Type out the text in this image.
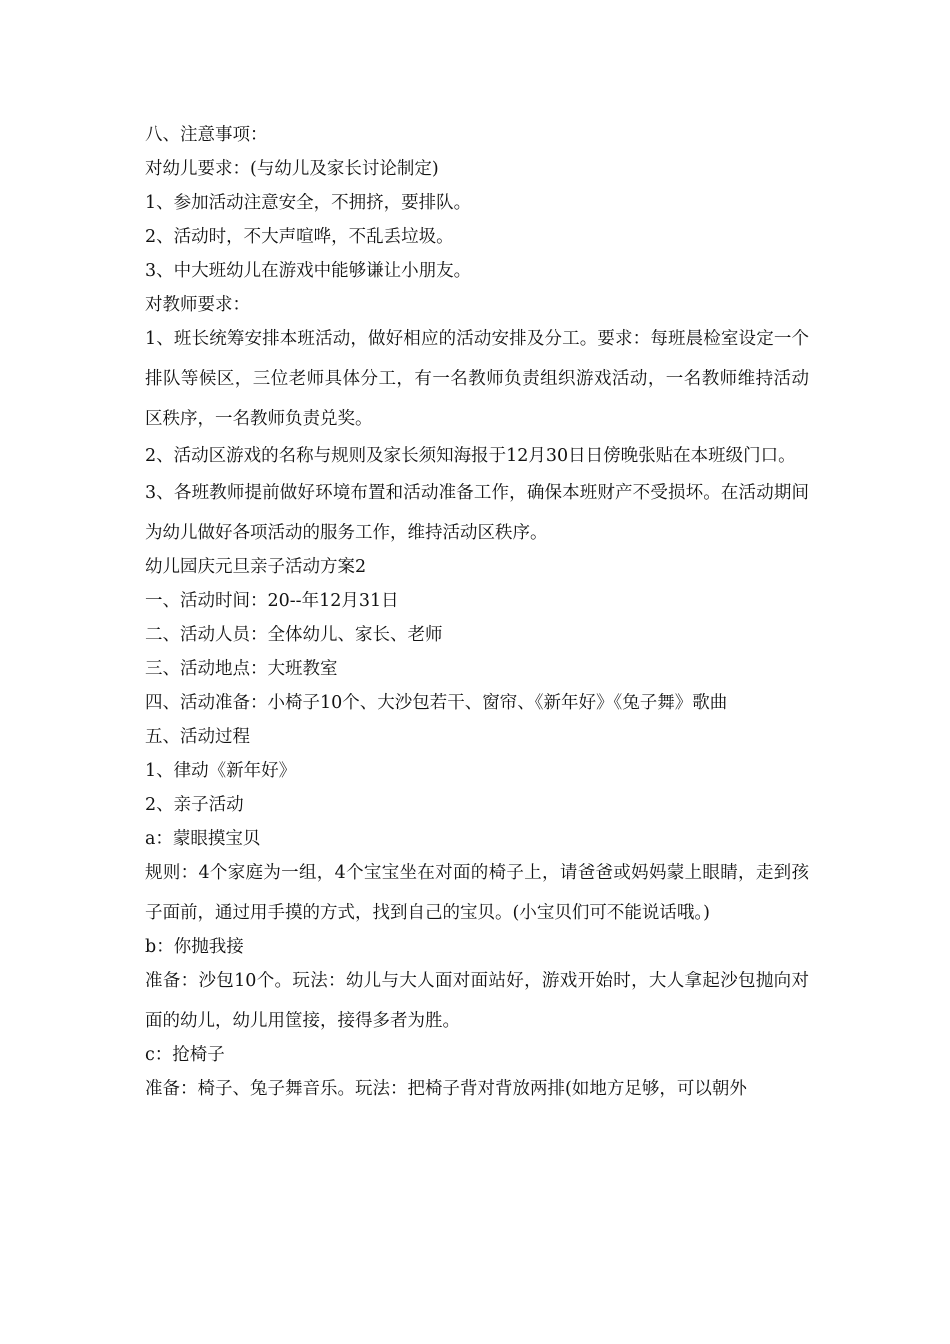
八、注意事项：

对幼儿要求：(与幼儿及家长讨论制定)

1、参加活动注意安全，不拥挤，要排队。

2、活动时，不大声喧哗，不乱丢垃圾。

3、中大班幼儿在游戏中能够谦让小朋友。

对教师要求：

1、班长统筹安排本班活动，做好相应的活动安排及分工。要求：每班晨检室设定一个排队等候区，三位老师具体分工，有一名教师负责组织游戏活动，一名教师维持活动区秩序，一名教师负责兑奖。

2、活动区游戏的名称与规则及家长须知海报于12月30日日傍晚张贴在本班级门口。

3、各班教师提前做好环境布置和活动准备工作，确保本班财产不受损坏。在活动期间为幼儿做好各项活动的服务工作，维持活动区秩序。

幼儿园庆元旦亲子活动方案2

一、活动时间：20--年12月31日

二、活动人员：全体幼儿、家长、老师

三、活动地点：大班教室

四、活动准备：小椅子10个、大沙包若干、窗帘、《新年好》《兔子舞》歌曲

五、活动过程

1、律动《新年好》

2、亲子活动

a：蒙眼摸宝贝

规则：4个家庭为一组，4个宝宝坐在对面的椅子上，请爸爸或妈妈蒙上眼睛，走到孩子面前，通过用手摸的方式，找到自己的宝贝。(小宝贝们可不能说话哦。)

b：你抛我接

准备：沙包10个。玩法：幼儿与大人面对面站好，游戏开始时，大人拿起沙包抛向对面的幼儿，幼儿用筐接，接得多者为胜。

c：抢椅子

准备：椅子、兔子舞音乐。玩法：把椅子背对背放两排(如地方足够，可以朝外
